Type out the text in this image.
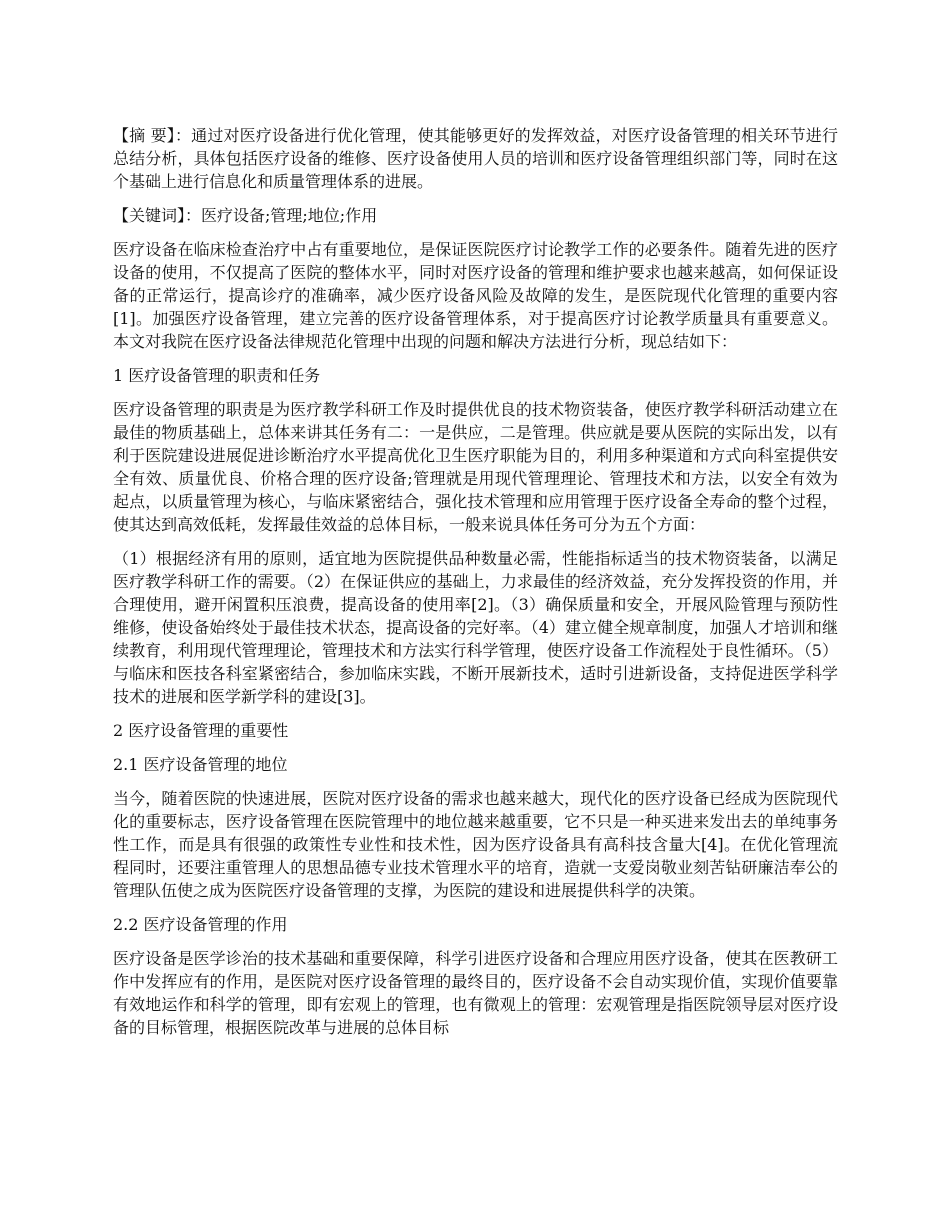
【摘 要】：通过对医疗设备进行优化管理，使其能够更好的发挥效益，对医疗设备管理的相关环节进行总结分析，具体包括医疗设备的维修、医疗设备使用人员的培训和医疗设备管理组织部门等，同时在这个基础上进行信息化和质量管理体系的进展。

【关键词】：医疗设备;管理;地位;作用

医疗设备在临床检查治疗中占有重要地位，是保证医院医疗讨论教学工作的必要条件。随着先进的医疗设备的使用，不仅提高了医院的整体水平，同时对医疗设备的管理和维护要求也越来越高，如何保证设备的正常运行，提高诊疗的准确率，减少医疗设备风险及故障的发生，是医院现代化管理的重要内容[1]。加强医疗设备管理，建立完善的医疗设备管理体系，对于提高医疗讨论教学质量具有重要意义。本文对我院在医疗设备法律规范化管理中出现的问题和解决方法进行分析，现总结如下：

1 医疗设备管理的职责和任务

医疗设备管理的职责是为医疗教学科研工作及时提供优良的技术物资装备，使医疗教学科研活动建立在最佳的物质基础上，总体来讲其任务有二：一是供应，二是管理。供应就是要从医院的实际出发，以有利于医院建设进展促进诊断治疗水平提高优化卫生医疗职能为目的，利用多种渠道和方式向科室提供安全有效、质量优良、价格合理的医疗设备;管理就是用现代管理理论、管理技术和方法，以安全有效为起点，以质量管理为核心，与临床紧密结合，强化技术管理和应用管理于医疗设备全寿命的整个过程，使其达到高效低耗，发挥最佳效益的总体目标，一般来说具体任务可分为五个方面：

（1）根据经济有用的原则，适宜地为医院提供品种数量必需，性能指标适当的技术物资装备，以满足医疗教学科研工作的需要。（2）在保证供应的基础上，力求最佳的经济效益，充分发挥投资的作用，并合理使用，避开闲置积压浪费，提高设备的使用率[2]。（3）确保质量和安全，开展风险管理与预防性维修，使设备始终处于最佳技术状态，提高设备的完好率。（4）建立健全规章制度，加强人才培训和继续教育，利用现代管理理论，管理技术和方法实行科学管理，使医疗设备工作流程处于良性循环。（5）与临床和医技各科室紧密结合，参加临床实践，不断开展新技术，适时引进新设备，支持促进医学科学技术的进展和医学新学科的建设[3]。

2 医疗设备管理的重要性

2.1 医疗设备管理的地位

当今，随着医院的快速进展，医院对医疗设备的需求也越来越大，现代化的医疗设备已经成为医院现代化的重要标志，医疗设备管理在医院管理中的地位越来越重要，它不只是一种买进来发出去的单纯事务性工作，而是具有很强的政策性专业性和技术性，因为医疗设备具有高科技含量大[4]。在优化管理流程同时，还要注重管理人的思想品德专业技术管理水平的培育，造就一支爱岗敬业刻苦钻研廉洁奉公的管理队伍使之成为医院医疗设备管理的支撑，为医院的建设和进展提供科学的决策。

2.2 医疗设备管理的作用

医疗设备是医学诊治的技术基础和重要保障，科学引进医疗设备和合理应用医疗设备，使其在医教研工作中发挥应有的作用，是医院对医疗设备管理的最终目的，医疗设备不会自动实现价值，实现价值要靠有效地运作和科学的管理，即有宏观上的管理，也有微观上的管理：宏观管理是指医院领导层对医疗设备的目标管理，根据医院改革与进展的总体目标
